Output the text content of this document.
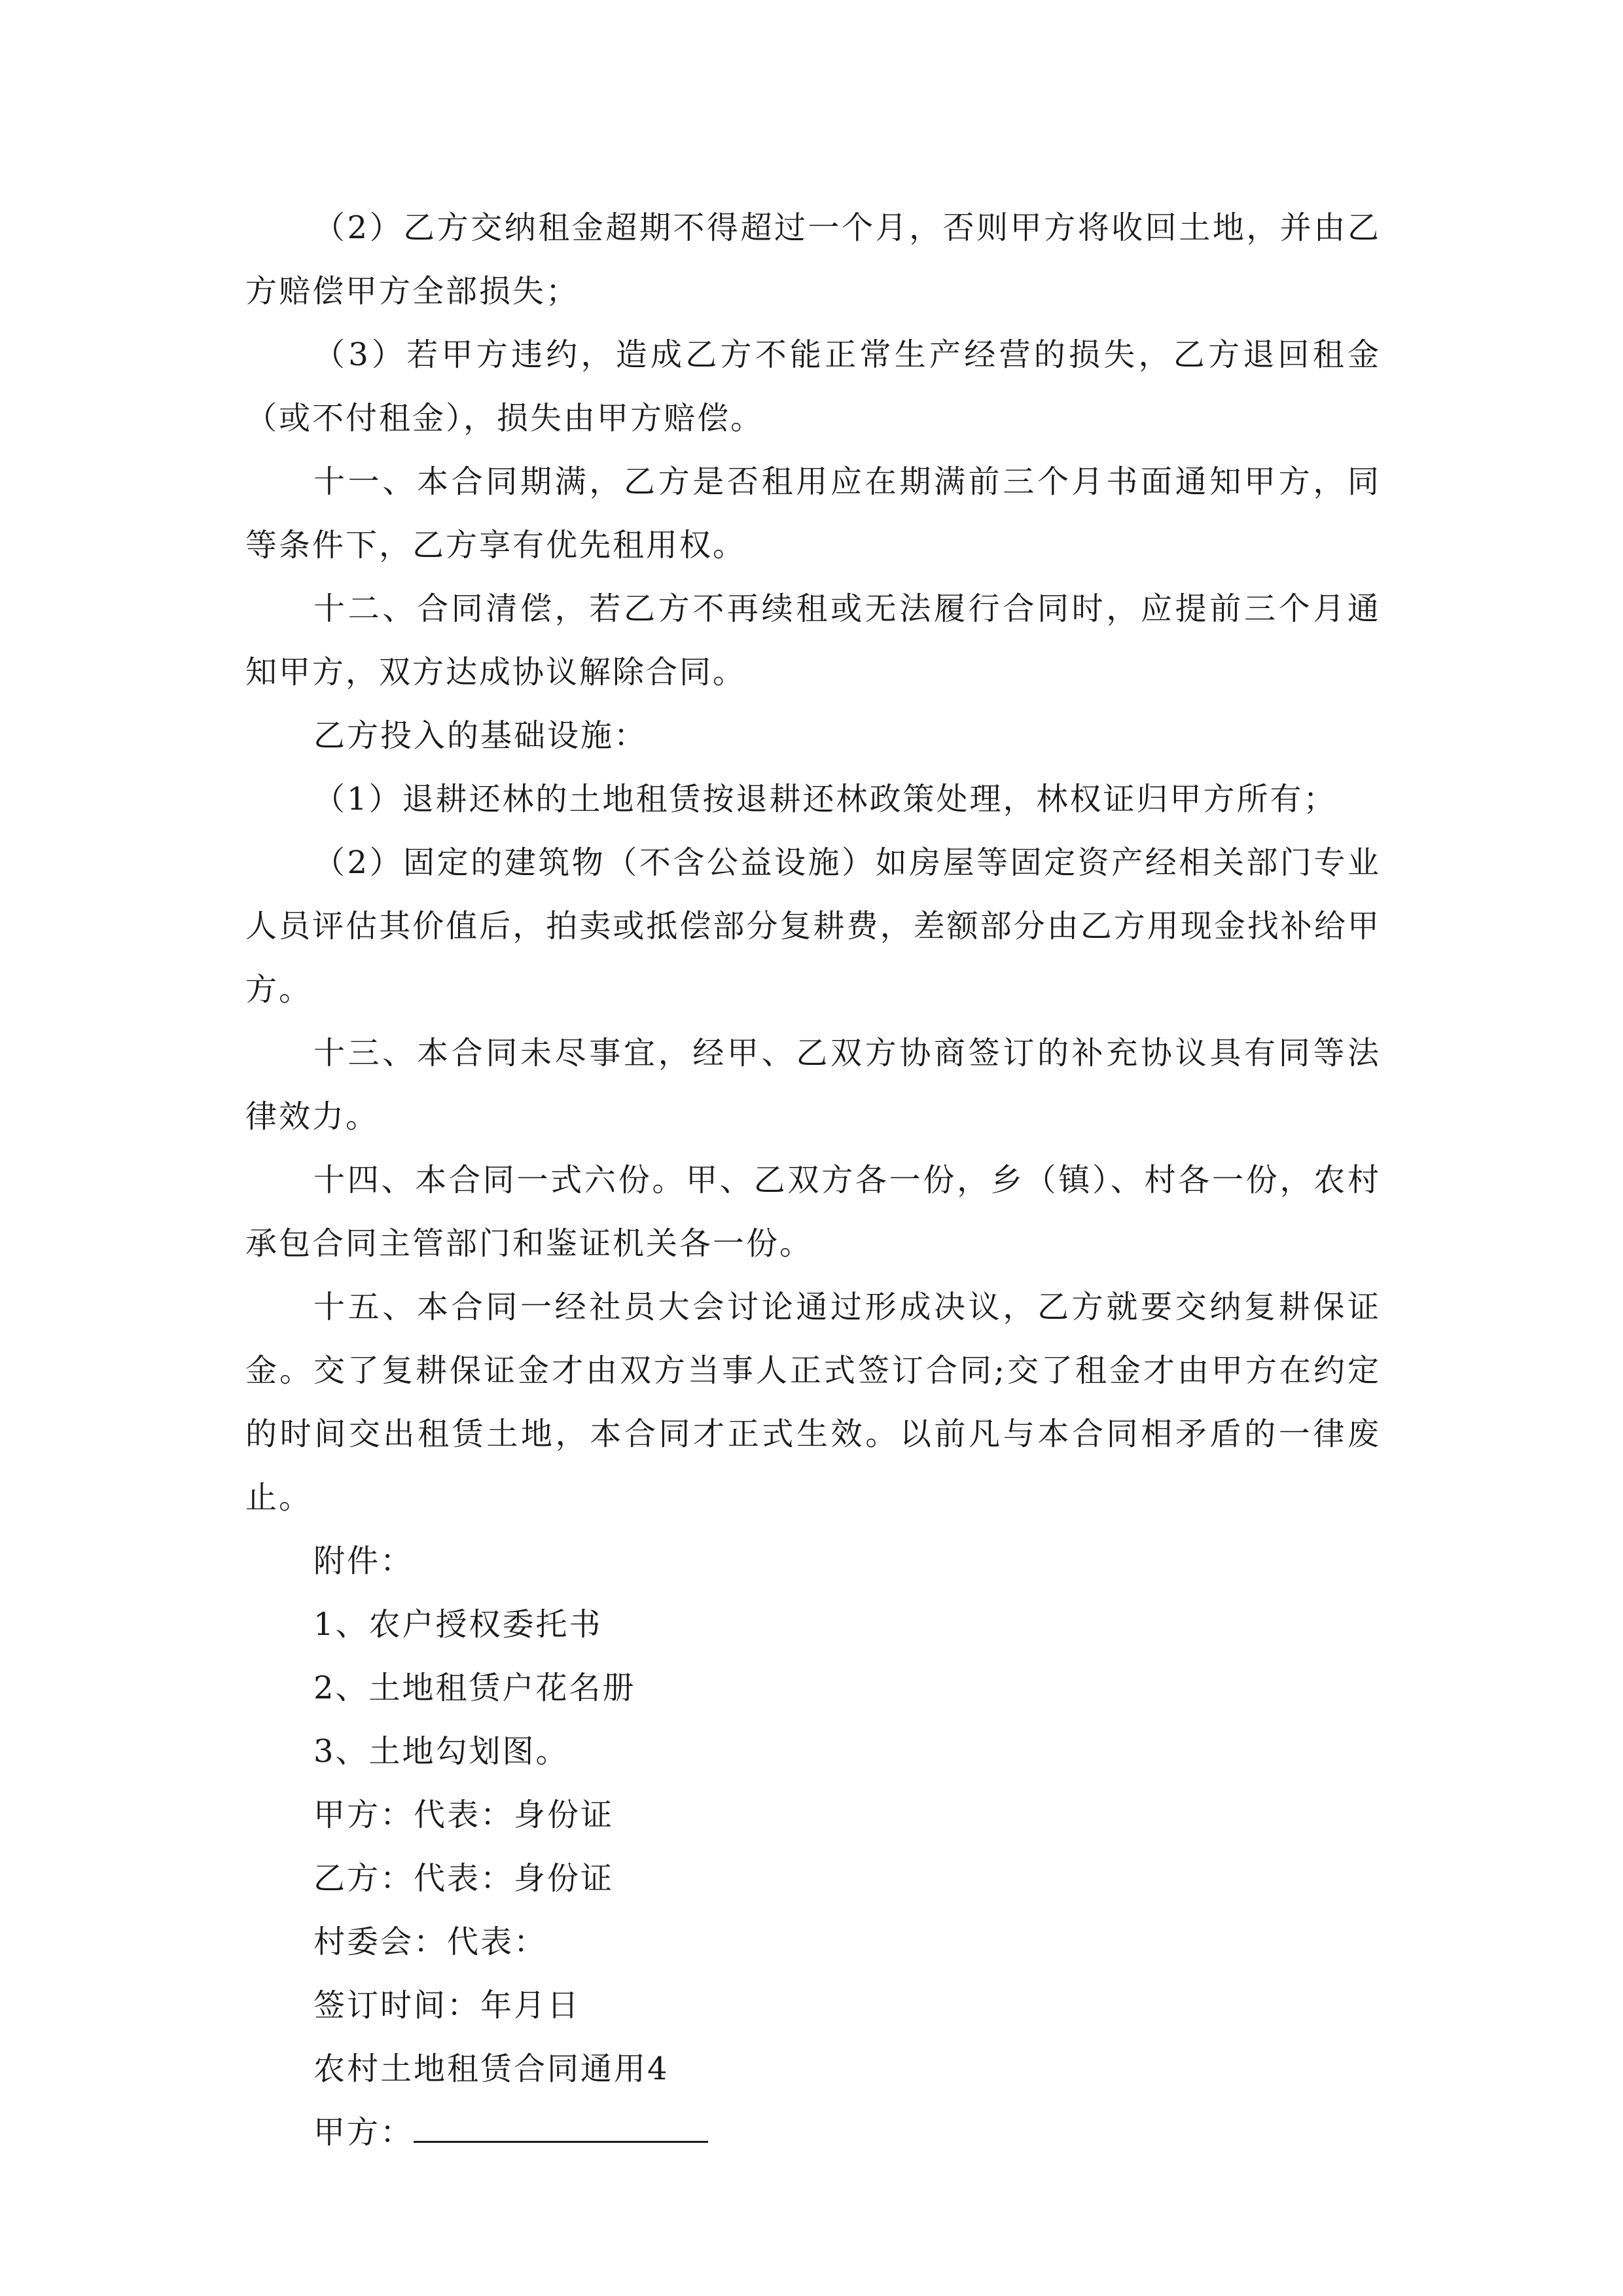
（2）乙方交纳租金超期不得超过一个月，否则甲方将收回土地，并由乙方赔偿甲方全部损失；

（3）若甲方违约，造成乙方不能正常生产经营的损失，乙方退回租金（或不付租金），损失由甲方赔偿。

十一、本合同期满，乙方是否租用应在期满前三个月书面通知甲方，同等条件下，乙方享有优先租用权。

十二、合同清偿，若乙方不再续租或无法履行合同时，应提前三个月通知甲方，双方达成协议解除合同。

乙方投入的基础设施：

（1）退耕还林的土地租赁按退耕还林政策处理，林权证归甲方所有；

（2）固定的建筑物（不含公益设施）如房屋等固定资产经相关部门专业人员评估其价值后，拍卖或抵偿部分复耕费，差额部分由乙方用现金找补给甲方。

十三、本合同未尽事宜，经甲、乙双方协商签订的补充协议具有同等法律效力。

十四、本合同一式六份。甲、乙双方各一份，乡（镇）、村各一份，农村承包合同主管部门和鉴证机关各一份。

十五、本合同一经社员大会讨论通过形成决议，乙方就要交纳复耕保证金。交了复耕保证金才由双方当事人正式签订合同;交了租金才由甲方在约定的时间交出租赁土地，本合同才正式生效。以前凡与本合同相矛盾的一律废止。

附件：

1、农户授权委托书

2、土地租赁户花名册

3、土地勾划图。

甲方：代表：身份证

乙方：代表：身份证

村委会：代表：

签订时间：年月日

农村土地租赁合同通用4

甲方：
